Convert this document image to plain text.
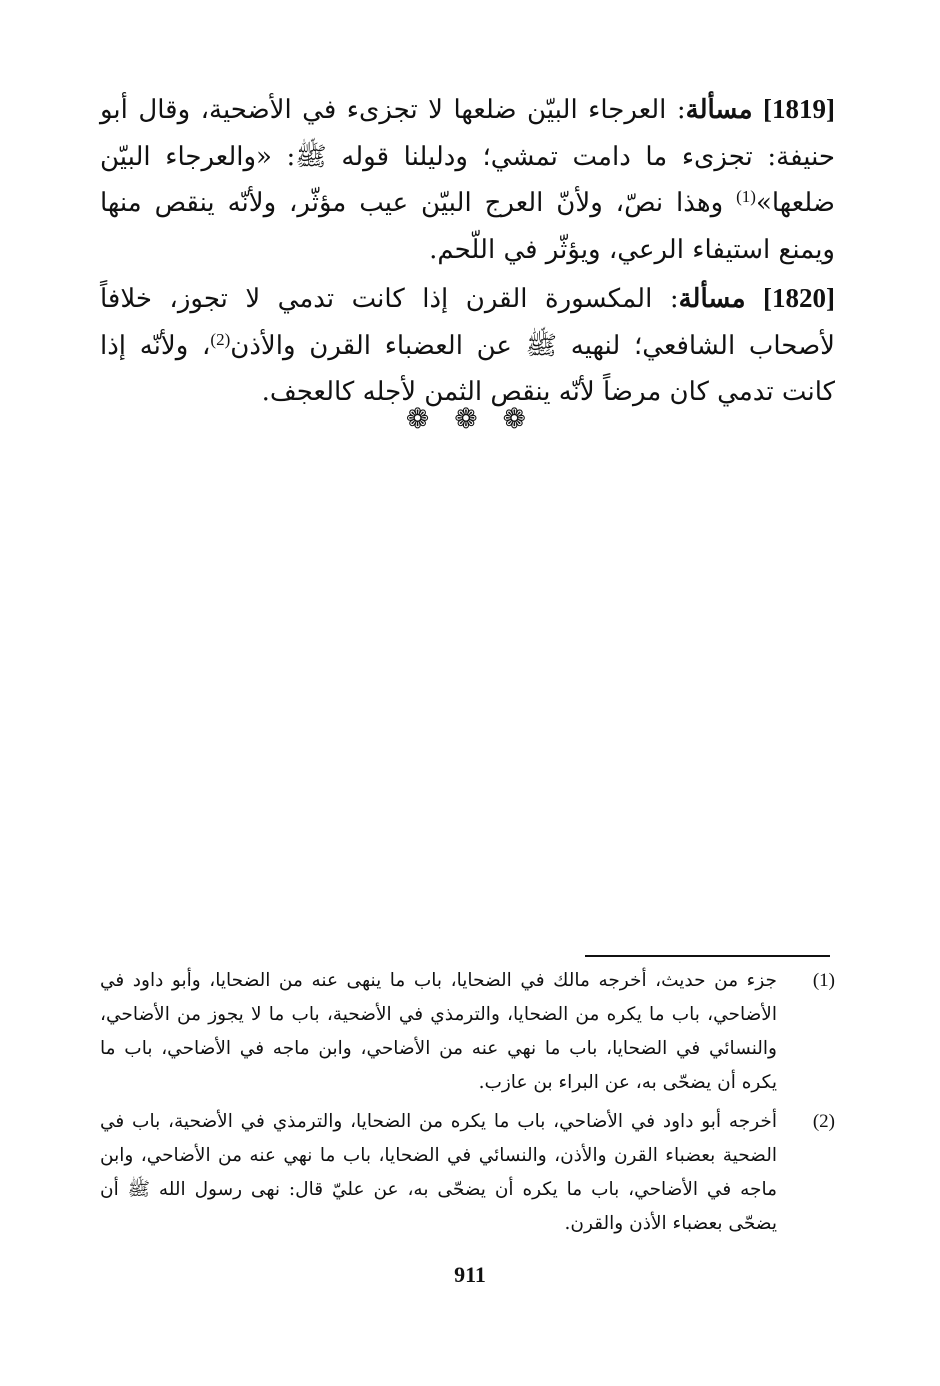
[1819] مسألة: العرجاء البيّن ضلعها لا تجزىء في الأضحية، وقال أبو حنيفة: تجزىء ما دامت تمشي؛ ودليلنا قوله ﷺ: «والعرجاء البيّن ضلعها»$^{(1)}$ وهذا نصّ، ولأنّ العرج البيّن عيب مؤثّر، ولأنّه ينقص منها ويمنع استيفاء الرعي، ويؤثّر في اللّحم.

[1820] مسألة: المكسورة القرن إذا كانت تدمي لا تجوز، خلافاً لأصحاب الشافعي؛ لنهيه ﷺ عن العضباء القرن والأذن$^{(2)}$، ولأنّه إذا كانت تدمي كان مرضاً لأنّه ينقص الثمن لأجله كالعجف.

❁ ❁ ❁
(1)
جزء من حديث، أخرجه مالك في الضحايا، باب ما ينهى عنه من الضحايا، وأبو داود في الأضاحي، باب ما يكره من الضحايا، والترمذي في الأضحية، باب ما لا يجوز من الأضاحي، والنسائي في الضحايا، باب ما نهي عنه من الأضاحي، وابن ماجه في الأضاحي، باب ما يكره أن يضحّى به، عن البراء بن عازب.
(2)
أخرجه أبو داود في الأضاحي، باب ما يكره من الضحايا، والترمذي في الأضحية، باب في الضحية بعضباء القرن والأذن، والنسائي في الضحايا، باب ما نهي عنه من الأضاحي، وابن ماجه في الأضاحي، باب ما يكره أن يضحّى به، عن عليّ قال: نهى رسول الله ﷺ أن يضحّى بعضباء الأذن والقرن.
911
